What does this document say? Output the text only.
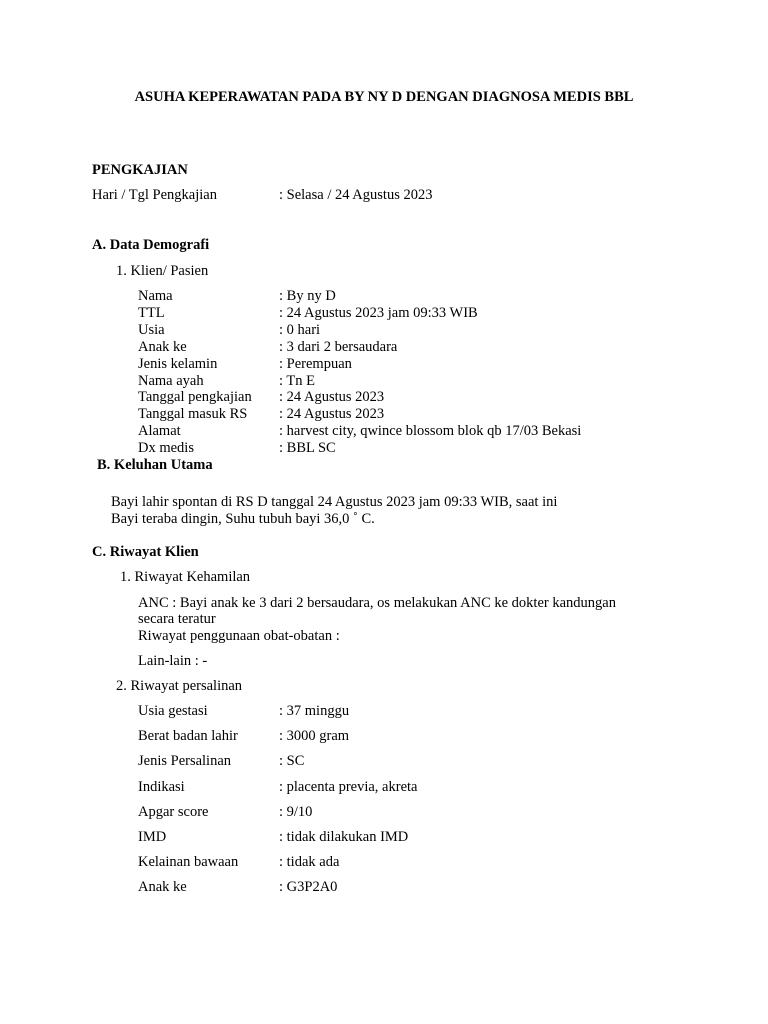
ASUHA KEPERAWATAN PADA BY NY D DENGAN DIAGNOSA MEDIS BBL
PENGKAJIAN
Hari / Tgl Pengkajian	: Selasa / 24 Agustus 2023
A. Data Demografi
1. Klien/ Pasien
Nama	: By ny D
TTL	: 24 Agustus 2023 jam 09:33 WIB
Usia	: 0 hari
Anak ke	: 3 dari 2 bersaudara
Jenis kelamin	: Perempuan
Nama ayah	: Tn E
Tanggal pengkajian : 24 Agustus 2023
Tanggal masuk RS : 24 Agustus 2023
Alamat	: harvest city, qwince blossom blok qb 17/03 Bekasi
Dx medis	: BBL SC
B. Keluhan Utama
Bayi lahir spontan di RS D tanggal 24 Agustus 2023 jam 09:33 WIB, saat ini
Bayi teraba dingin, Suhu tubuh bayi 36,0 ˚ C.
C. Riwayat Klien
1. Riwayat Kehamilan
ANC : Bayi anak ke 3 dari 2 bersaudara, os melakukan ANC ke dokter kandungan
secara teratur
Riwayat penggunaan obat-obatan :
Lain-lain : -
2. Riwayat persalinan
Usia gestasi	: 37 minggu
Berat badan lahir	: 3000 gram
Jenis Persalinan	: SC
Indikasi	: placenta previa, akreta
Apgar score	: 9/10
IMD	: tidak dilakukan IMD
Kelainan bawaan	: tidak ada
Anak ke	: G3P2A0
